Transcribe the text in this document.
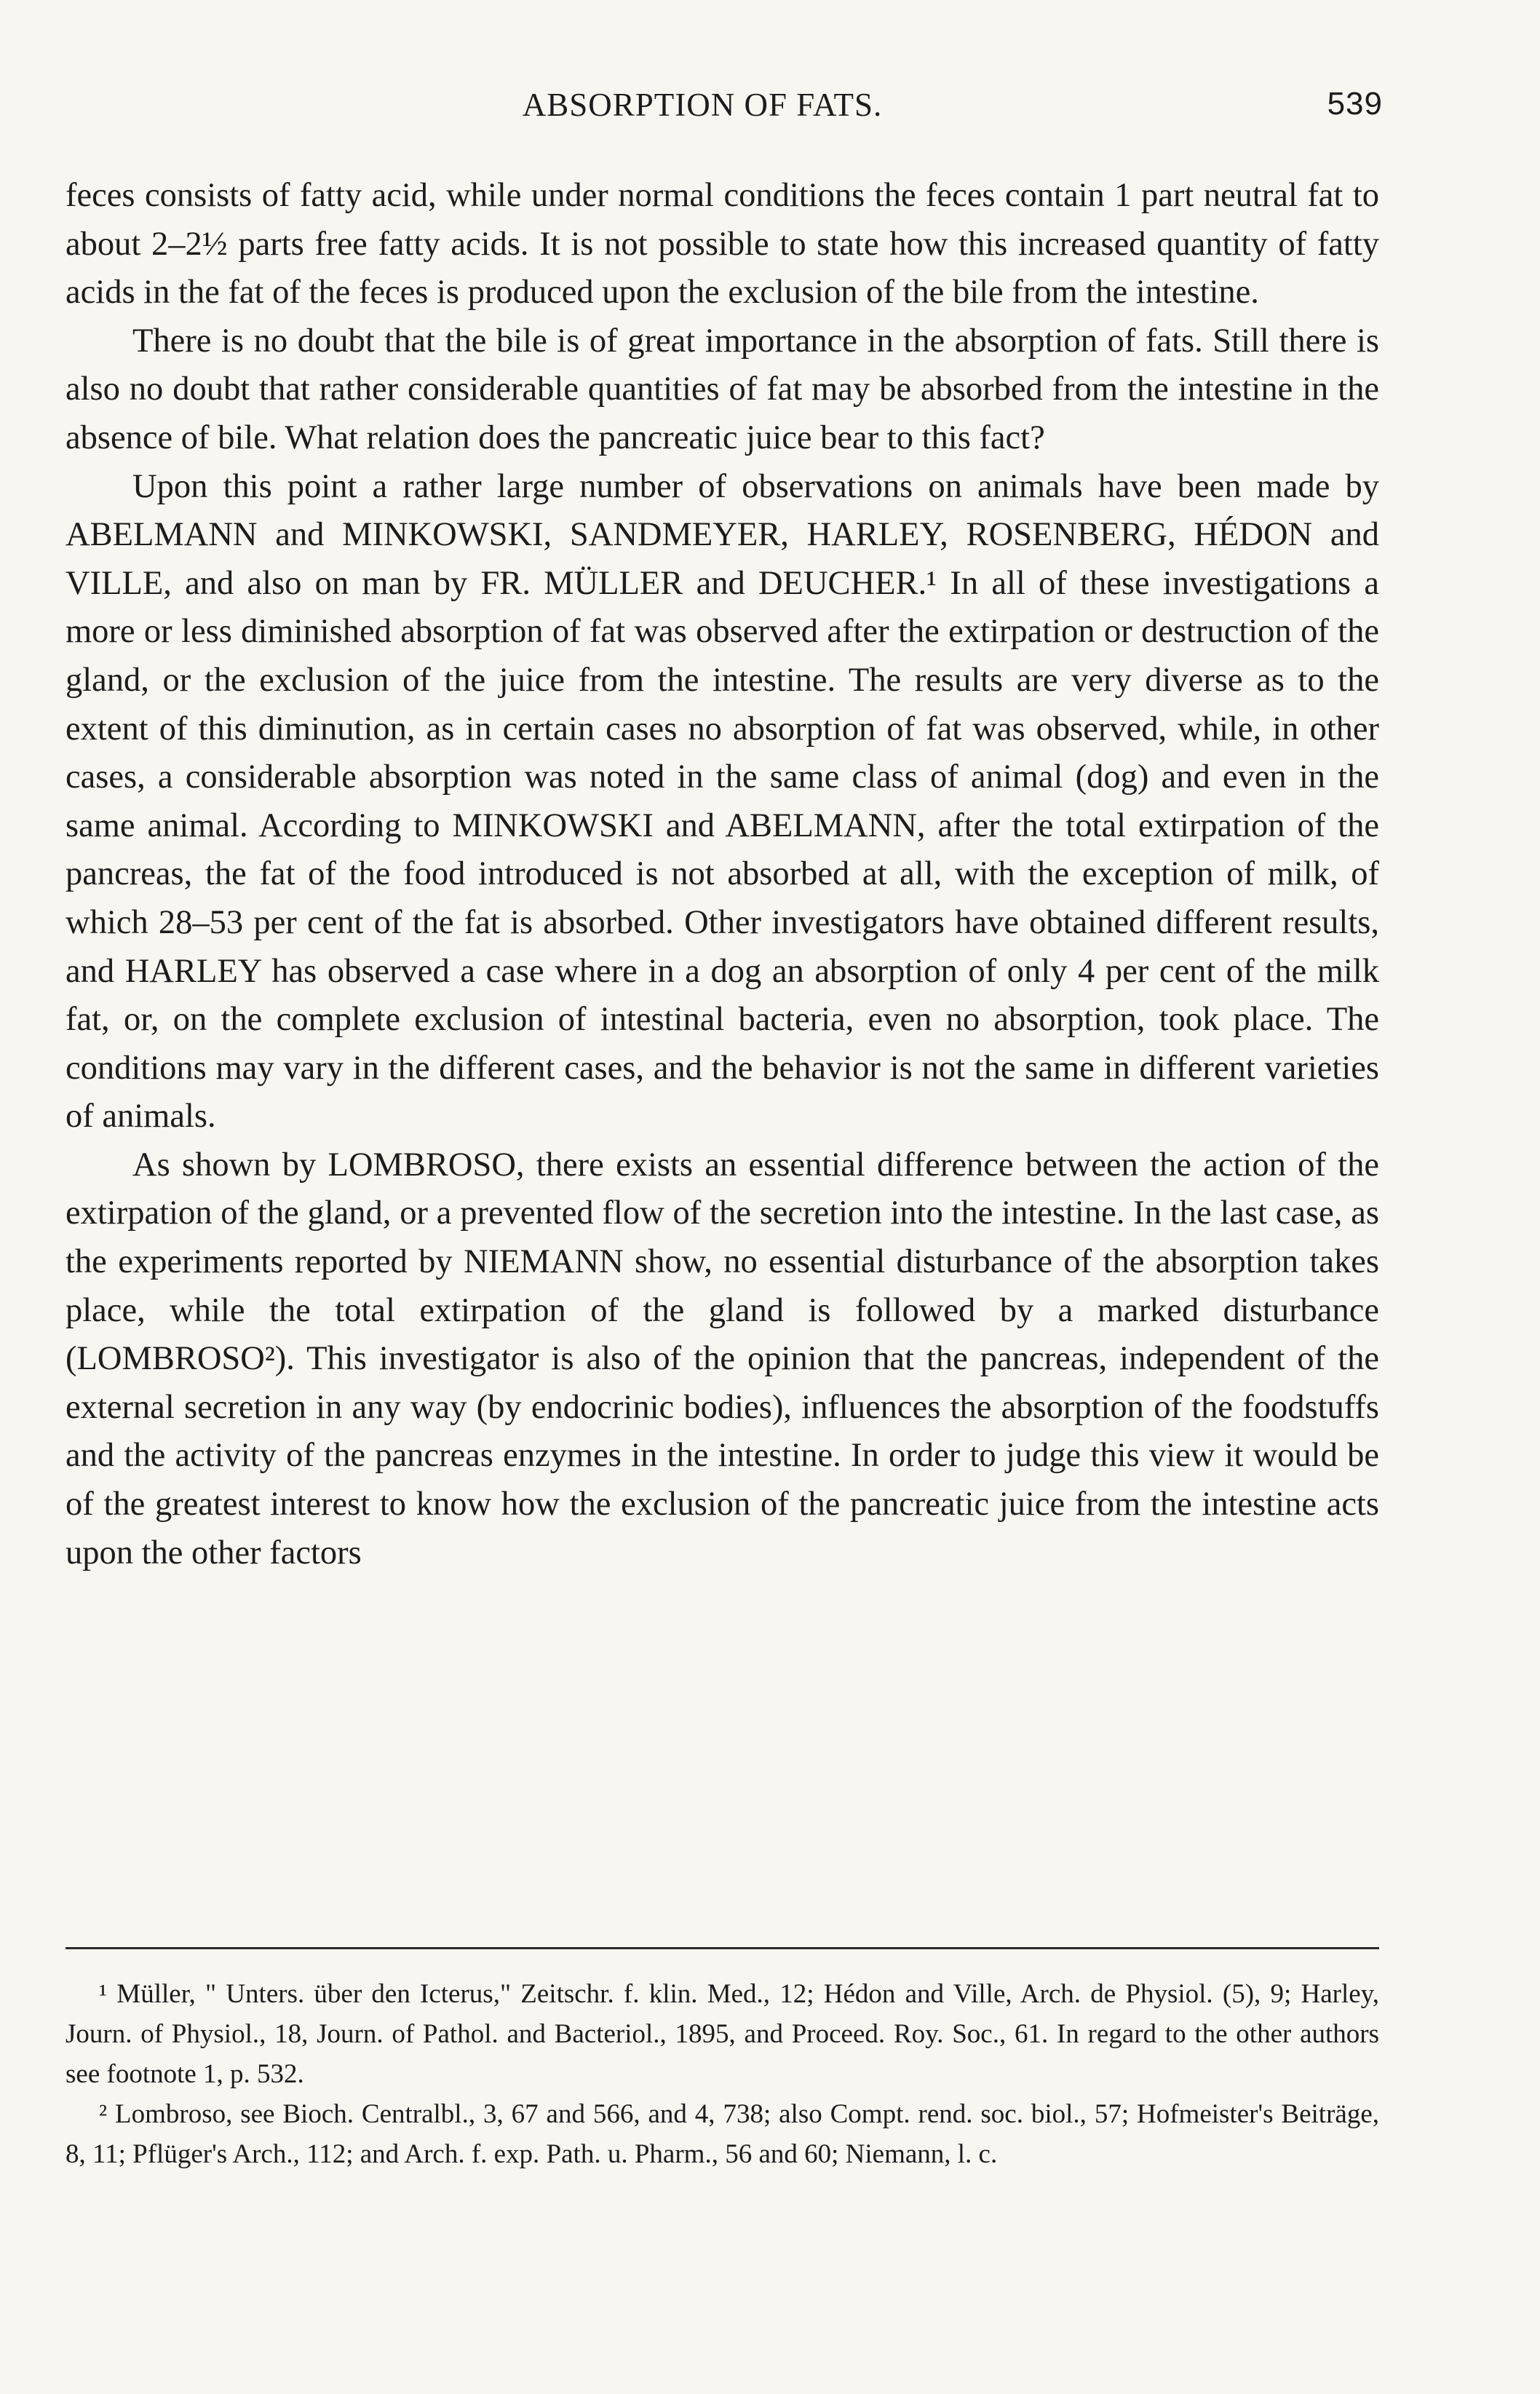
ABSORPTION OF FATS.	539

feces consists of fatty acid, while under normal conditions the feces contain 1 part neutral fat to about 2–2½ parts free fatty acids. It is not possible to state how this increased quantity of fatty acids in the fat of the feces is produced upon the exclusion of the bile from the intestine.

There is no doubt that the bile is of great importance in the absorption of fats. Still there is also no doubt that rather considerable quantities of fat may be absorbed from the intestine in the absence of bile. What relation does the pancreatic juice bear to this fact?

Upon this point a rather large number of observations on animals have been made by ABELMANN and MINKOWSKI, SANDMEYER, HARLEY, ROSENBERG, HÉDON and VILLE, and also on man by FR. MÜLLER and DEUCHER.¹ In all of these investigations a more or less diminished absorption of fat was observed after the extirpation or destruction of the gland, or the exclusion of the juice from the intestine. The results are very diverse as to the extent of this diminution, as in certain cases no absorption of fat was observed, while, in other cases, a considerable absorption was noted in the same class of animal (dog) and even in the same animal. According to MINKOWSKI and ABELMANN, after the total extirpation of the pancreas, the fat of the food introduced is not absorbed at all, with the exception of milk, of which 28–53 per cent of the fat is absorbed. Other investigators have obtained different results, and HARLEY has observed a case where in a dog an absorption of only 4 per cent of the milk fat, or, on the complete exclusion of intestinal bacteria, even no absorption, took place. The conditions may vary in the different cases, and the behavior is not the same in different varieties of animals.

As shown by LOMBROSO, there exists an essential difference between the action of the extirpation of the gland, or a prevented flow of the secretion into the intestine. In the last case, as the experiments reported by NIEMANN show, no essential disturbance of the absorption takes place, while the total extirpation of the gland is followed by a marked disturbance (LOMBROSO²). This investigator is also of the opinion that the pancreas, independent of the external secretion in any way (by endocrinic bodies), influences the absorption of the foodstuffs and the activity of the pancreas enzymes in the intestine. In order to judge this view it would be of the greatest interest to know how the exclusion of the pancreatic juice from the intestine acts upon the other factors

¹ Müller, " Unters. über den Icterus," Zeitschr. f. klin. Med., 12; Hédon and Ville, Arch. de Physiol. (5), 9; Harley, Journ. of Physiol., 18, Journ. of Pathol. and Bacteriol., 1895, and Proceed. Roy. Soc., 61. In regard to the other authors see footnote 1, p. 532.

² Lombroso, see Bioch. Centralbl., 3, 67 and 566, and 4, 738; also Compt. rend. soc. biol., 57; Hofmeister's Beiträge, 8, 11; Pflüger's Arch., 112; and Arch. f. exp. Path. u. Pharm., 56 and 60; Niemann, l. c.
